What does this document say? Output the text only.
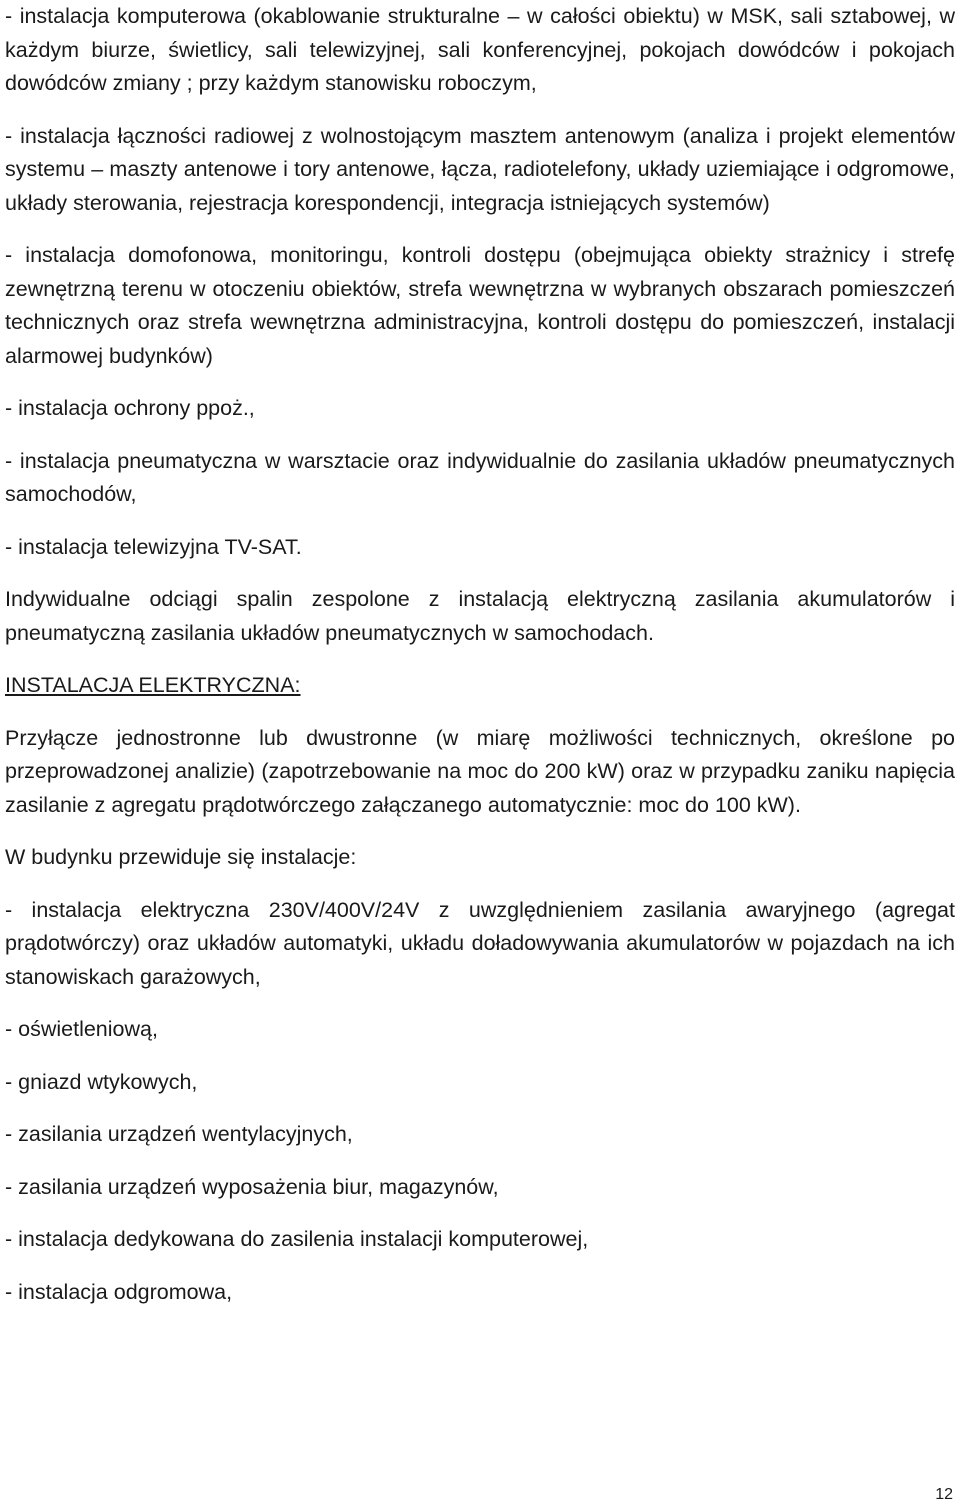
- instalacja komputerowa (okablowanie strukturalne – w całości obiektu) w MSK, sali sztabowej, w każdym biurze, świetlicy, sali telewizyjnej, sali konferencyjnej, pokojach dowódców i pokojach dowódców zmiany ; przy każdym stanowisku roboczym,

- instalacja łączności radiowej z wolnostojącym masztem antenowym (analiza i projekt elementów systemu – maszty antenowe i tory antenowe, łącza, radiotelefony, układy uziemiające i odgromowe, układy sterowania, rejestracja korespondencji, integracja istniejących systemów)

- instalacja domofonowa, monitoringu, kontroli dostępu (obejmująca obiekty strażnicy i strefę zewnętrzną terenu w otoczeniu obiektów, strefa wewnętrzna w wybranych obszarach pomieszczeń technicznych oraz strefa wewnętrzna administracyjna, kontroli dostępu do pomieszczeń, instalacji alarmowej budynków)

- instalacja ochrony ppoż.,

- instalacja pneumatyczna w warsztacie oraz indywidualnie do zasilania układów pneumatycznych samochodów,

- instalacja telewizyjna TV-SAT.

Indywidualne odciągi spalin zespolone z instalacją elektryczną zasilania akumulatorów i pneumatyczną zasilania układów pneumatycznych w samochodach.

INSTALACJA ELEKTRYCZNA:

Przyłącze jednostronne lub dwustronne (w miarę możliwości technicznych, określone po przeprowadzonej analizie) (zapotrzebowanie na moc do 200 kW) oraz w przypadku zaniku napięcia zasilanie z agregatu prądotwórczego załączanego automatycznie: moc do 100 kW).

W budynku przewiduje się instalacje:

- instalacja elektryczna 230V/400V/24V z uwzględnieniem zasilania awaryjnego (agregat prądotwórczy) oraz układów automatyki, układu doładowywania akumulatorów w pojazdach na ich stanowiskach garażowych,

- oświetleniową,

- gniazd wtykowych,

- zasilania urządzeń wentylacyjnych,

- zasilania urządzeń wyposażenia biur, magazynów,

- instalacja dedykowana do zasilenia instalacji komputerowej,

- instalacja odgromowa,

12
